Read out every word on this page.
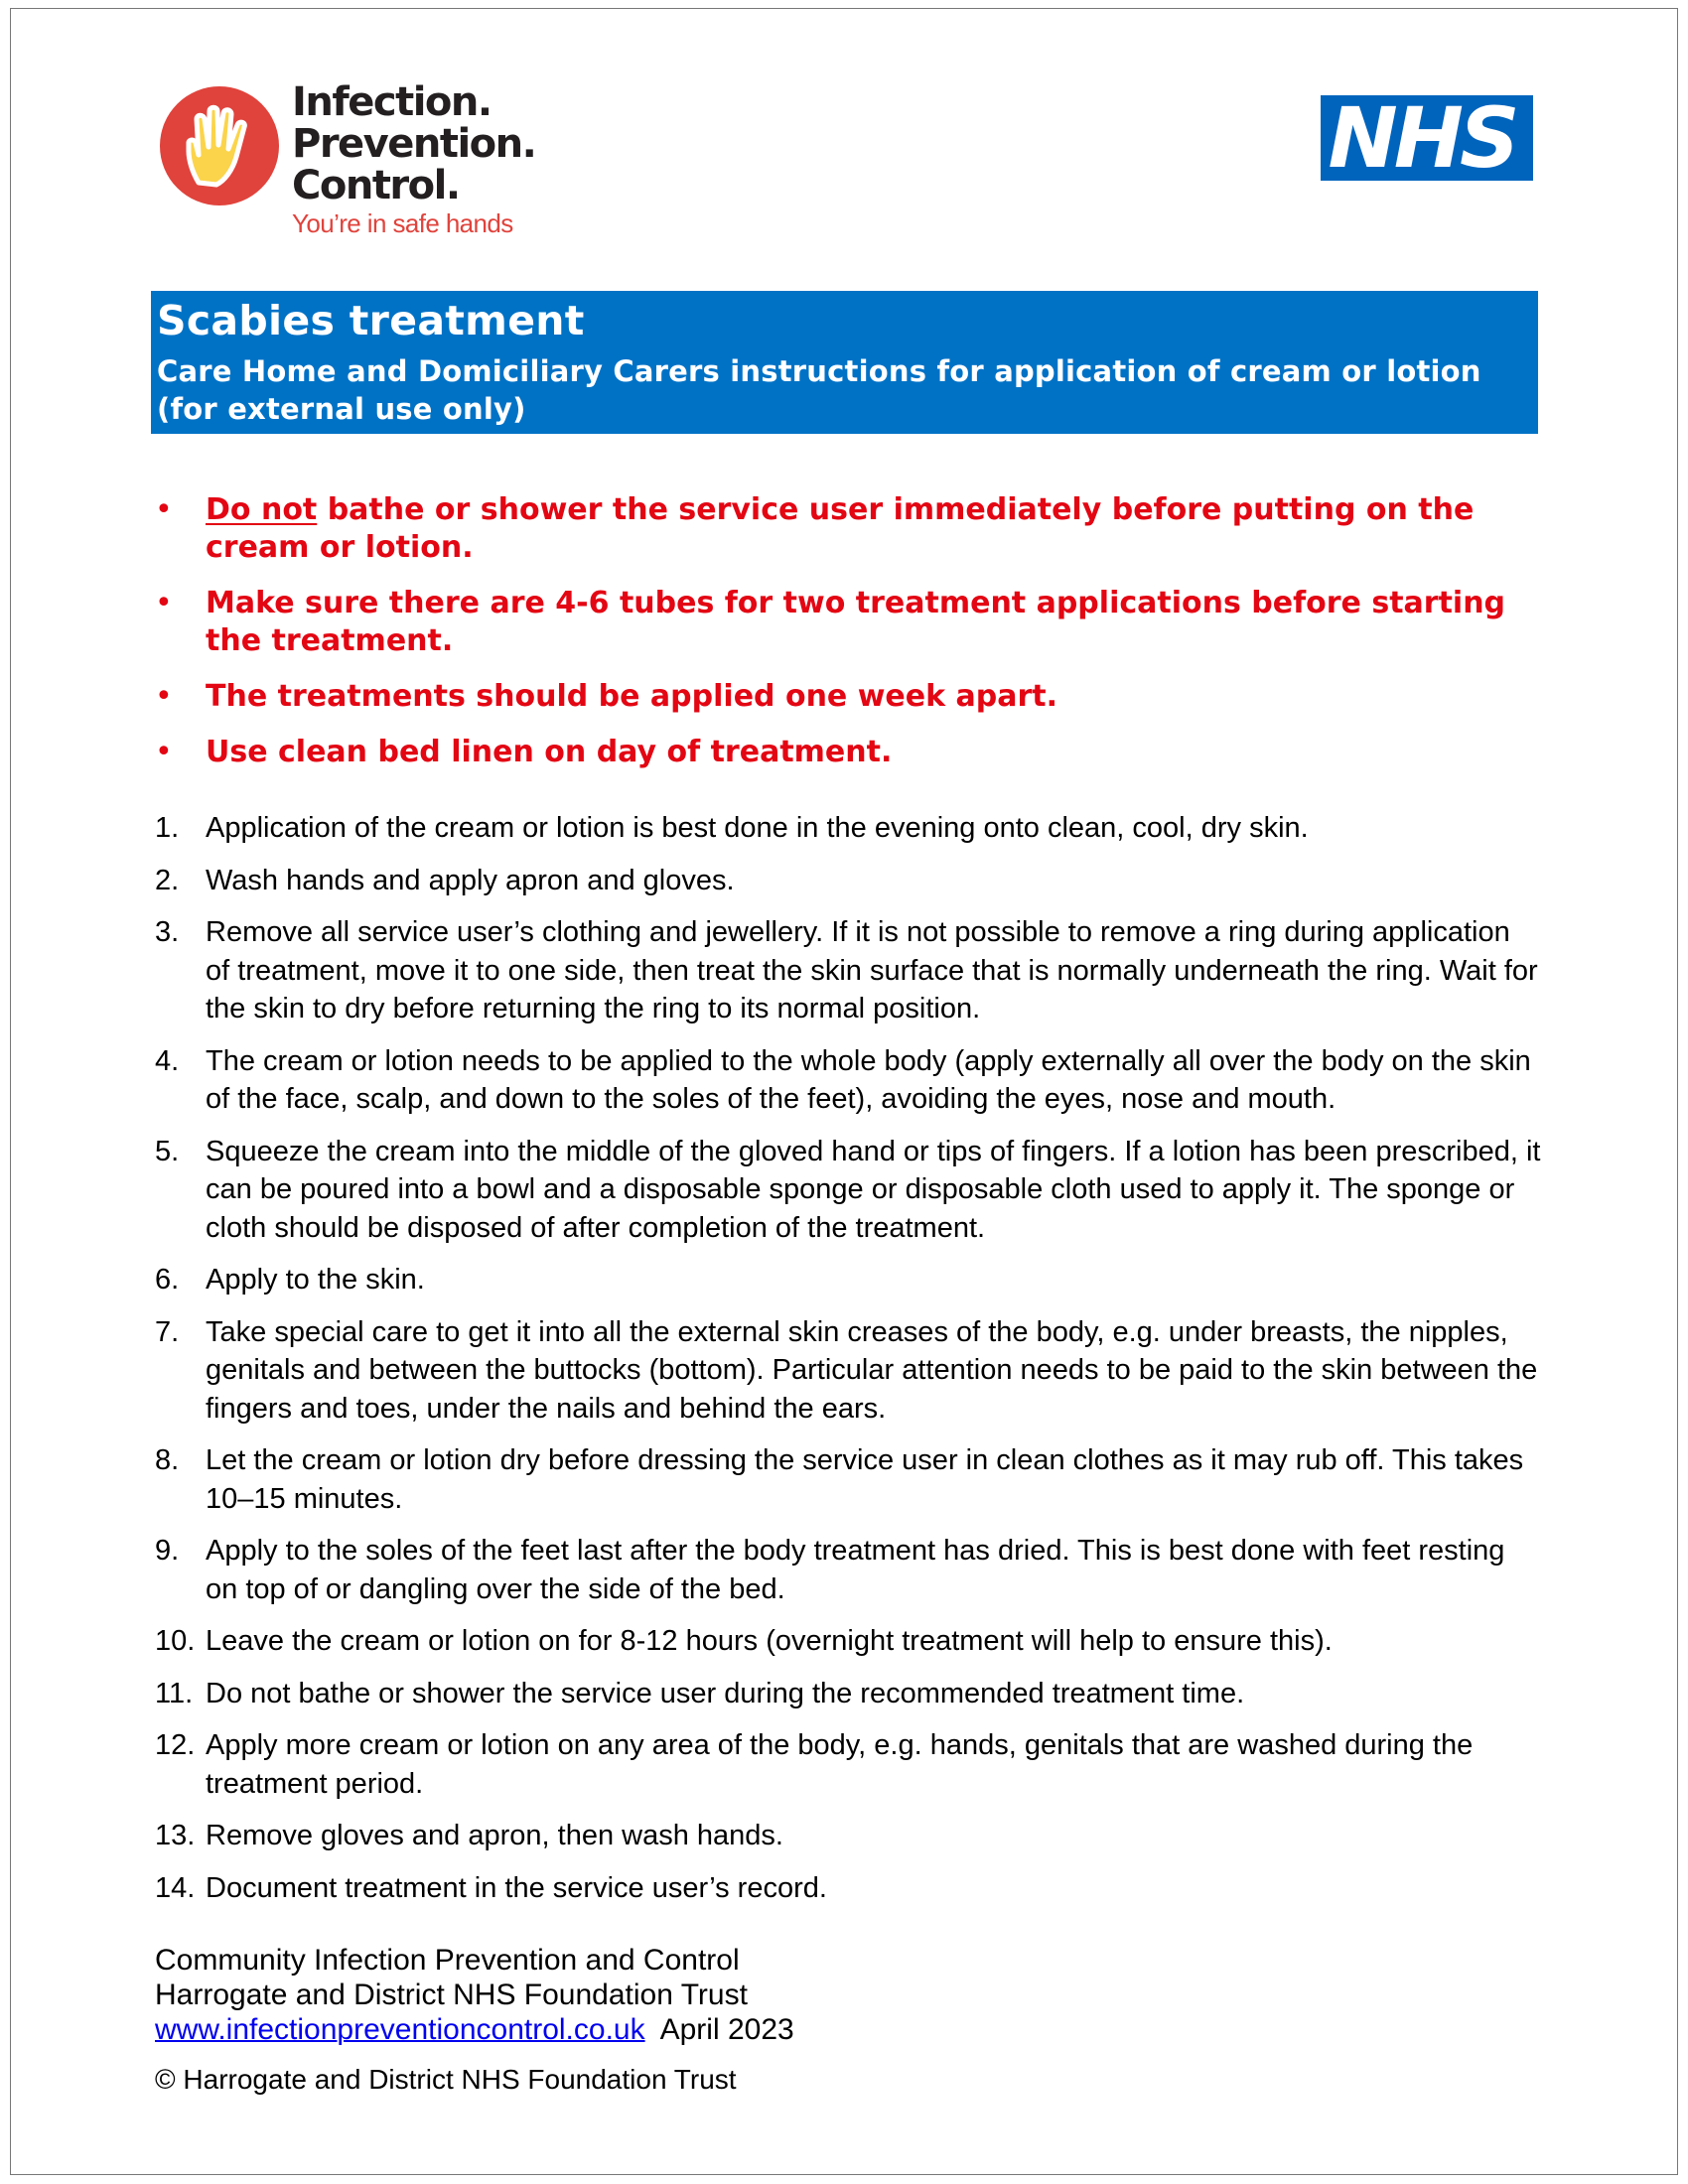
Infection.
Prevention.
Control.
You’re in safe hands
NHS
Scabies treatment
Care Home and Domiciliary Carers instructions for application of cream or lotion (for external use only)
• Do not bathe or shower the service user immediately before putting on the cream or lotion.
• Make sure there are 4-6 tubes for two treatment applications before starting the treatment.
• The treatments should be applied one week apart.
• Use clean bed linen on day of treatment.
1. Application of the cream or lotion is best done in the evening onto clean, cool, dry skin.
2. Wash hands and apply apron and gloves.
3. Remove all service user’s clothing and jewellery. If it is not possible to remove a ring during application of treatment, move it to one side, then treat the skin surface that is normally underneath the ring. Wait for the skin to dry before returning the ring to its normal position.
4. The cream or lotion needs to be applied to the whole body (apply externally all over the body on the skin of the face, scalp, and down to the soles of the feet), avoiding the eyes, nose and mouth.
5. Squeeze the cream into the middle of the gloved hand or tips of fingers. If a lotion has been prescribed, it can be poured into a bowl and a disposable sponge or disposable cloth used to apply it. The sponge or cloth should be disposed of after completion of the treatment.
6. Apply to the skin.
7. Take special care to get it into all the external skin creases of the body, e.g. under breasts, the nipples, genitals and between the buttocks (bottom). Particular attention needs to be paid to the skin between the fingers and toes, under the nails and behind the ears.
8. Let the cream or lotion dry before dressing the service user in clean clothes as it may rub off. This takes 10–15 minutes.
9. Apply to the soles of the feet last after the body treatment has dried. This is best done with feet resting on top of or dangling over the side of the bed.
10. Leave the cream or lotion on for 8-12 hours (overnight treatment will help to ensure this).
11. Do not bathe or shower the service user during the recommended treatment time.
12. Apply more cream or lotion on any area of the body, e.g. hands, genitals that are washed during the treatment period.
13. Remove gloves and apron, then wash hands.
14. Document treatment in the service user’s record.
Community Infection Prevention and Control
Harrogate and District NHS Foundation Trust
www.infectionpreventioncontrol.co.uk April 2023
© Harrogate and District NHS Foundation Trust
